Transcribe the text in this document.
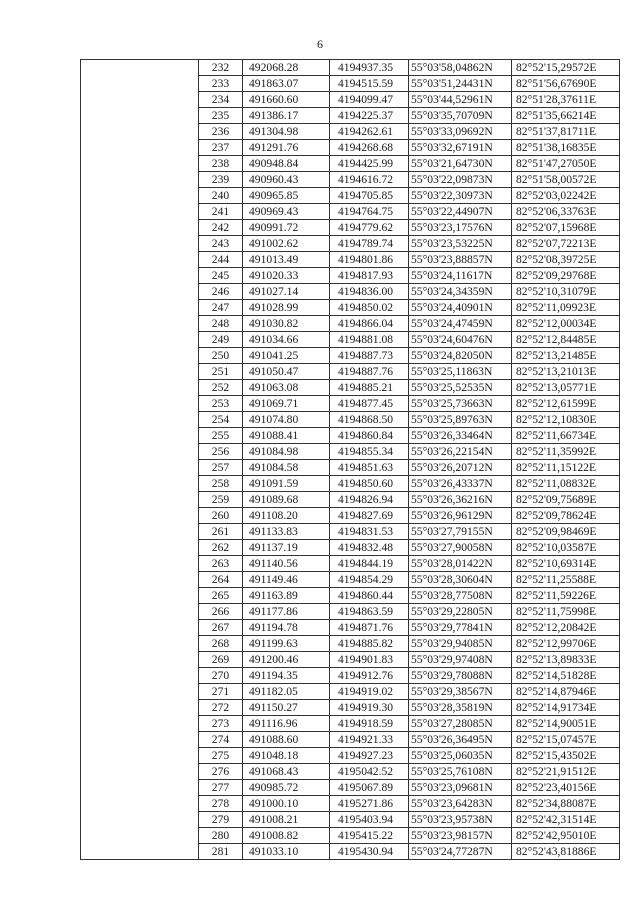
6
	232	492068.28	4194937.35	55°03'58,04862N	82°52'15,29572E
	233	491863.07	4194515.59	55°03'51,24431N	82°51'56,67690E
	234	491660.60	4194099.47	55°03'44,52961N	82°51'28,37611E
	235	491386.17	4194225.37	55°03'35,70709N	82°51'35,66214E
	236	491304.98	4194262.61	55°03'33,09692N	82°51'37,81711E
	237	491291.76	4194268.68	55°03'32,67191N	82°51'38,16835E
	238	490948.84	4194425.99	55°03'21,64730N	82°51'47,27050E
	239	490960.43	4194616.72	55°03'22,09873N	82°51'58,00572E
	240	490965.85	4194705.85	55°03'22,30973N	82°52'03,02242E
	241	490969.43	4194764.75	55°03'22,44907N	82°52'06,33763E
	242	490991.72	4194779.62	55°03'23,17576N	82°52'07,15968E
	243	491002.62	4194789.74	55°03'23,53225N	82°52'07,72213E
	244	491013.49	4194801.86	55°03'23,88857N	82°52'08,39725E
	245	491020.33	4194817.93	55°03'24,11617N	82°52'09,29768E
	246	491027.14	4194836.00	55°03'24,34359N	82°52'10,31079E
	247	491028.99	4194850.02	55°03'24,40901N	82°52'11,09923E
	248	491030.82	4194866.04	55°03'24,47459N	82°52'12,00034E
	249	491034.66	4194881.08	55°03'24,60476N	82°52'12,84485E
	250	491041.25	4194887.73	55°03'24,82050N	82°52'13,21485E
	251	491050.47	4194887.76	55°03'25,11863N	82°52'13,21013E
	252	491063.08	4194885.21	55°03'25,52535N	82°52'13,05771E
	253	491069.71	4194877.45	55°03'25,73663N	82°52'12,61599E
	254	491074.80	4194868.50	55°03'25,89763N	82°52'12,10830E
	255	491088.41	4194860.84	55°03'26,33464N	82°52'11,66734E
	256	491084.98	4194855.34	55°03'26,22154N	82°52'11,35992E
	257	491084.58	4194851.63	55°03'26,20712N	82°52'11,15122E
	258	491091.59	4194850.60	55°03'26,43337N	82°52'11,08832E
	259	491089.68	4194826.94	55°03'26,36216N	82°52'09,75689E
	260	491108.20	4194827.69	55°03'26,96129N	82°52'09,78624E
	261	491133.83	4194831.53	55°03'27,79155N	82°52'09,98469E
	262	491137.19	4194832.48	55°03'27,90058N	82°52'10,03587E
	263	491140.56	4194844.19	55°03'28,01422N	82°52'10,69314E
	264	491149.46	4194854.29	55°03'28,30604N	82°52'11,25588E
	265	491163.89	4194860.44	55°03'28,77508N	82°52'11,59226E
	266	491177.86	4194863.59	55°03'29,22805N	82°52'11,75998E
	267	491194.78	4194871.76	55°03'29,77841N	82°52'12,20842E
	268	491199.63	4194885.82	55°03'29,94085N	82°52'12,99706E
	269	491200.46	4194901.83	55°03'29,97408N	82°52'13,89833E
	270	491194.35	4194912.76	55°03'29,78088N	82°52'14,51828E
	271	491182.05	4194919.02	55°03'29,38567N	82°52'14,87946E
	272	491150.27	4194919.30	55°03'28,35819N	82°52'14,91734E
	273	491116.96	4194918.59	55°03'27,28085N	82°52'14,90051E
	274	491088.60	4194921.33	55°03'26,36495N	82°52'15,07457E
	275	491048.18	4194927.23	55°03'25,06035N	82°52'15,43502E
	276	491068.43	4195042.52	55°03'25,76108N	82°52'21,91512E
	277	490985.72	4195067.89	55°03'23,09681N	82°52'23,40156E
	278	491000.10	4195271.86	55°03'23,64283N	82°52'34,88087E
	279	491008.21	4195403.94	55°03'23,95738N	82°52'42,31514E
	280	491008.82	4195415.22	55°03'23,98157N	82°52'42,95010E
	281	491033.10	4195430.94	55°03'24,77287N	82°52'43,81886E
